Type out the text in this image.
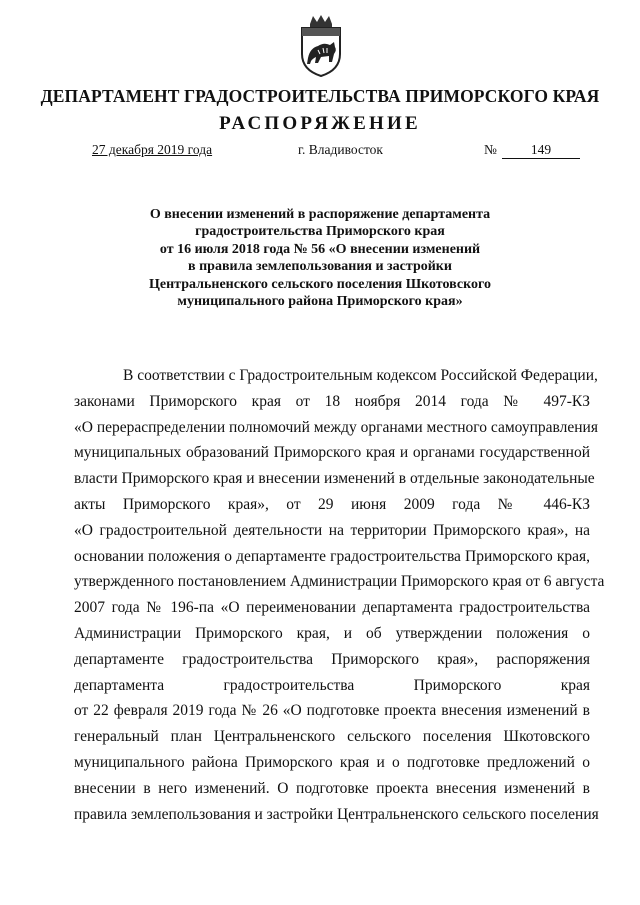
ДЕПАРТАМЕНТ ГРАДОСТРОИТЕЛЬСТВА ПРИМОРСКОГО КРАЯ
РАСПОРЯЖЕНИЕ
27 декабря 2019 года	г. Владивосток	№	149
О внесении изменений в распоряжение департамента
градостроительства Приморского края
от 16 июля 2018 года № 56 «О внесении изменений
в правила землепользования и застройки
Центральненского сельского поселения Шкотовского
муниципального района Приморского края»
В соответствии с Градостроительным кодексом Российской Федерации,
законами Приморского края от 18 ноября 2014 года № 497-КЗ
«О перераспределении полномочий между органами местного самоуправления
муниципальных образований Приморского края и органами государственной
власти Приморского края и внесении изменений в отдельные законодательные
акты Приморского края», от 29 июня 2009 года № 446-КЗ
«О градостроительной деятельности на территории Приморского края», на
основании положения о департаменте градостроительства Приморского края,
утвержденного постановлением Администрации Приморского края от 6 августа
2007 года № 196-па «О переименовании департамента градостроительства
Администрации Приморского края, и об утверждении положения о
департаменте градостроительства Приморского края», распоряжения
департамента градостроительства Приморского края
от 22 февраля 2019 года № 26 «О подготовке проекта внесения изменений в
генеральный план Центральненского сельского поселения Шкотовского
муниципального района Приморского края и о подготовке предложений о
внесении в него изменений. О подготовке проекта внесения изменений в
правила землепользования и застройки Центральненского сельского поселения
